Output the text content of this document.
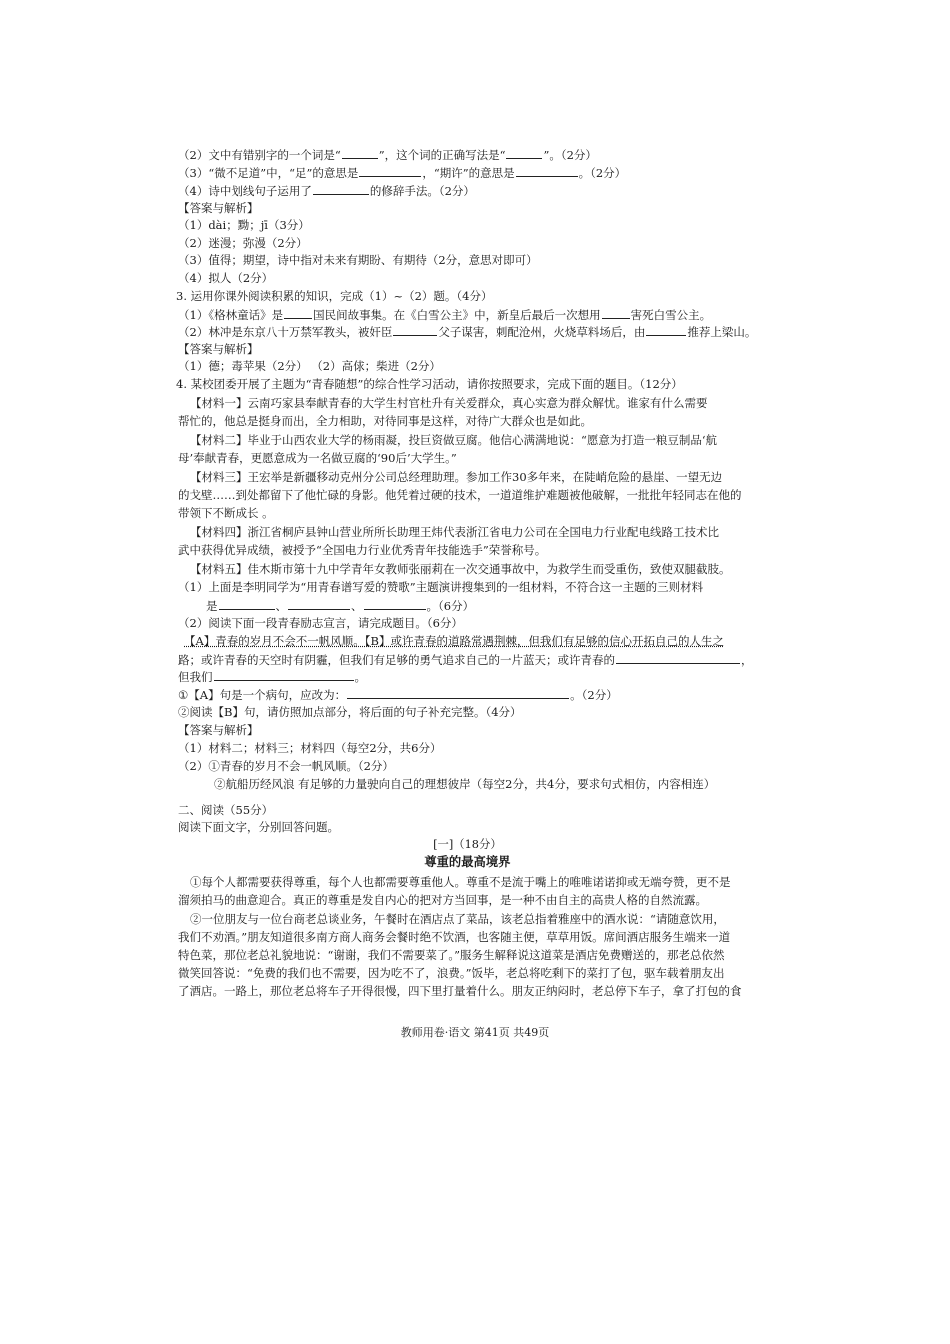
（2）文中有错别字的一个词是“	”，这个词的正确写法是“	”。（2分）
（3）“微不足道”中，“足”的意思是	，“期许”的意思是	。（2分）
（4）诗中划线句子运用了	的修辞手法。（2分）
【答案与解析】
（1）dài；黝；jī（3分）
（2）迷漫；弥漫（2分）
（3）值得；期望，诗中指对未来有期盼、有期待（2分，意思对即可）
（4）拟人（2分）
3. 运用你课外阅读积累的知识，完成（1）~（2）题。（4分）
（1）《格林童话》是	国民间故事集。在《白雪公主》中，新皇后最后一次想用	害死白雪公主。
（2）林冲是东京八十万禁军教头，被奸臣	父子谋害，刺配沧州，火烧草料场后，由	推荐上梁山。
【答案与解析】
（1）德；毒苹果（2分） （2）高俅；柴进（2分）
4. 某校团委开展了主题为“青春随想”的综合性学习活动，请你按照要求，完成下面的题目。（12分）
【材料一】云南巧家县奉献青春的大学生村官杜升有关爱群众，真心实意为群众解忧。谁家有什么需要
帮忙的，他总是挺身而出，全力相助，对待同事是这样，对待广大群众也是如此。
【材料二】毕业于山西农业大学的杨雨凝，投巨资做豆腐。他信心满满地说：“愿意为打造一粮豆制品‘航
母’奉献青春，更愿意成为一名做豆腐的‘90后’大学生。”
【材料三】王宏举是新疆移动克州分公司总经理助理。参加工作30多年来，在陡峭危险的悬崖、一望无边
的戈壁……到处都留下了他忙碌的身影。他凭着过硬的技术，一道道维护难题被他破解，一批批年轻同志在他的
带领下不断成长 。
【材料四】浙江省桐庐县钟山营业所所长助理王炜代表浙江省电力公司在全国电力行业配电线路工技术比
武中获得优异成绩，被授予“全国电力行业优秀青年技能选手”荣誉称号。
【材料五】佳木斯市第十九中学青年女教师张丽莉在一次交通事故中，为救学生而受重伤，致使双腿截肢。
（1）上面是李明同学为“用青春谱写爱的赞歌”主题演讲搜集到的一组材料，不符合这一主题的三则材料
是	、	、	。（6分）
（2）阅读下面一段青春励志宣言，请完成题目。（6分）
【A】青春的岁月不会不一帆风顺。【B】或许青春的道路常遇荆棘，但我们有足够的信心开拓自己的人生之
路；或许青春的天空时有阴霾，但我们有足够的勇气追求自己的一片蓝天；或许青春的	，
但我们	。
①【A】句是一个病句，应改为：	。（2分）
②阅读【B】句，请仿照加点部分，将后面的句子补充完整。（4分）
【答案与解析】
（1）材料二；材料三；材料四（每空2分，共6分）
（2）①青春的岁月不会一帆风顺。（2分）
②航船历经风浪 有足够的力量驶向自己的理想彼岸（每空2分，共4分，要求句式相仿，内容相连）
二、阅读（55分）
阅读下面文字，分别回答问题。
[一]（18分）
尊重的最高境界
①每个人都需要获得尊重，每个人也都需要尊重他人。尊重不是流于嘴上的唯唯诺诺抑或无端夸赞，更不是
溜须拍马的曲意迎合。真正的尊重是发自内心的把对方当回事，是一种不由自主的高贵人格的自然流露。
②一位朋友与一位台商老总谈业务，午餐时在酒店点了菜品，该老总指着雅座中的酒水说：“请随意饮用，
我们不劝酒。”朋友知道很多南方商人商务会餐时绝不饮酒，也客随主便，草草用饭。席间酒店服务生端来一道
特色菜，那位老总礼貌地说：“谢谢，我们不需要菜了。”服务生解释说这道菜是酒店免费赠送的，那老总依然
微笑回答说：“免费的我们也不需要，因为吃不了，浪费。”饭毕，老总将吃剩下的菜打了包，驱车载着朋友出
了酒店。一路上，那位老总将车子开得很慢，四下里打量着什么。朋友正纳闷时，老总停下车子，拿了打包的食
教师用卷·语文 第41页 共49页
